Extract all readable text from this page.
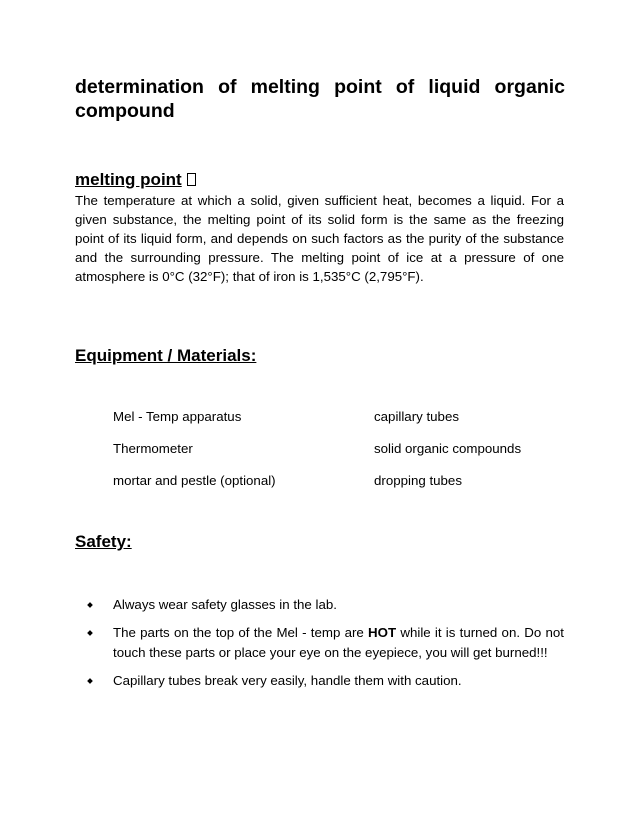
determination of melting point of liquid organic compound
melting point

The temperature at which a solid, given sufficient heat, becomes a liquid. For a given substance, the melting point of its solid form is the same as the freezing point of its liquid form, and depends on such factors as the purity of the substance and the surrounding pressure. The melting point of ice at a pressure of one atmosphere is 0°C (32°F); that of iron is 1,535°C (2,795°F).

Equipment / Materials:
Mel - Temp apparatus	capillary tubes
Thermometer	solid organic compounds
mortar and pestle (optional)	dropping tubes
Safety:
Always wear safety glasses in the lab.
The parts on the top of the Mel - temp are HOT while it is turned on. Do not touch these parts or place your eye on the eyepiece, you will get burned!!!
Capillary tubes break very easily, handle them with caution.
